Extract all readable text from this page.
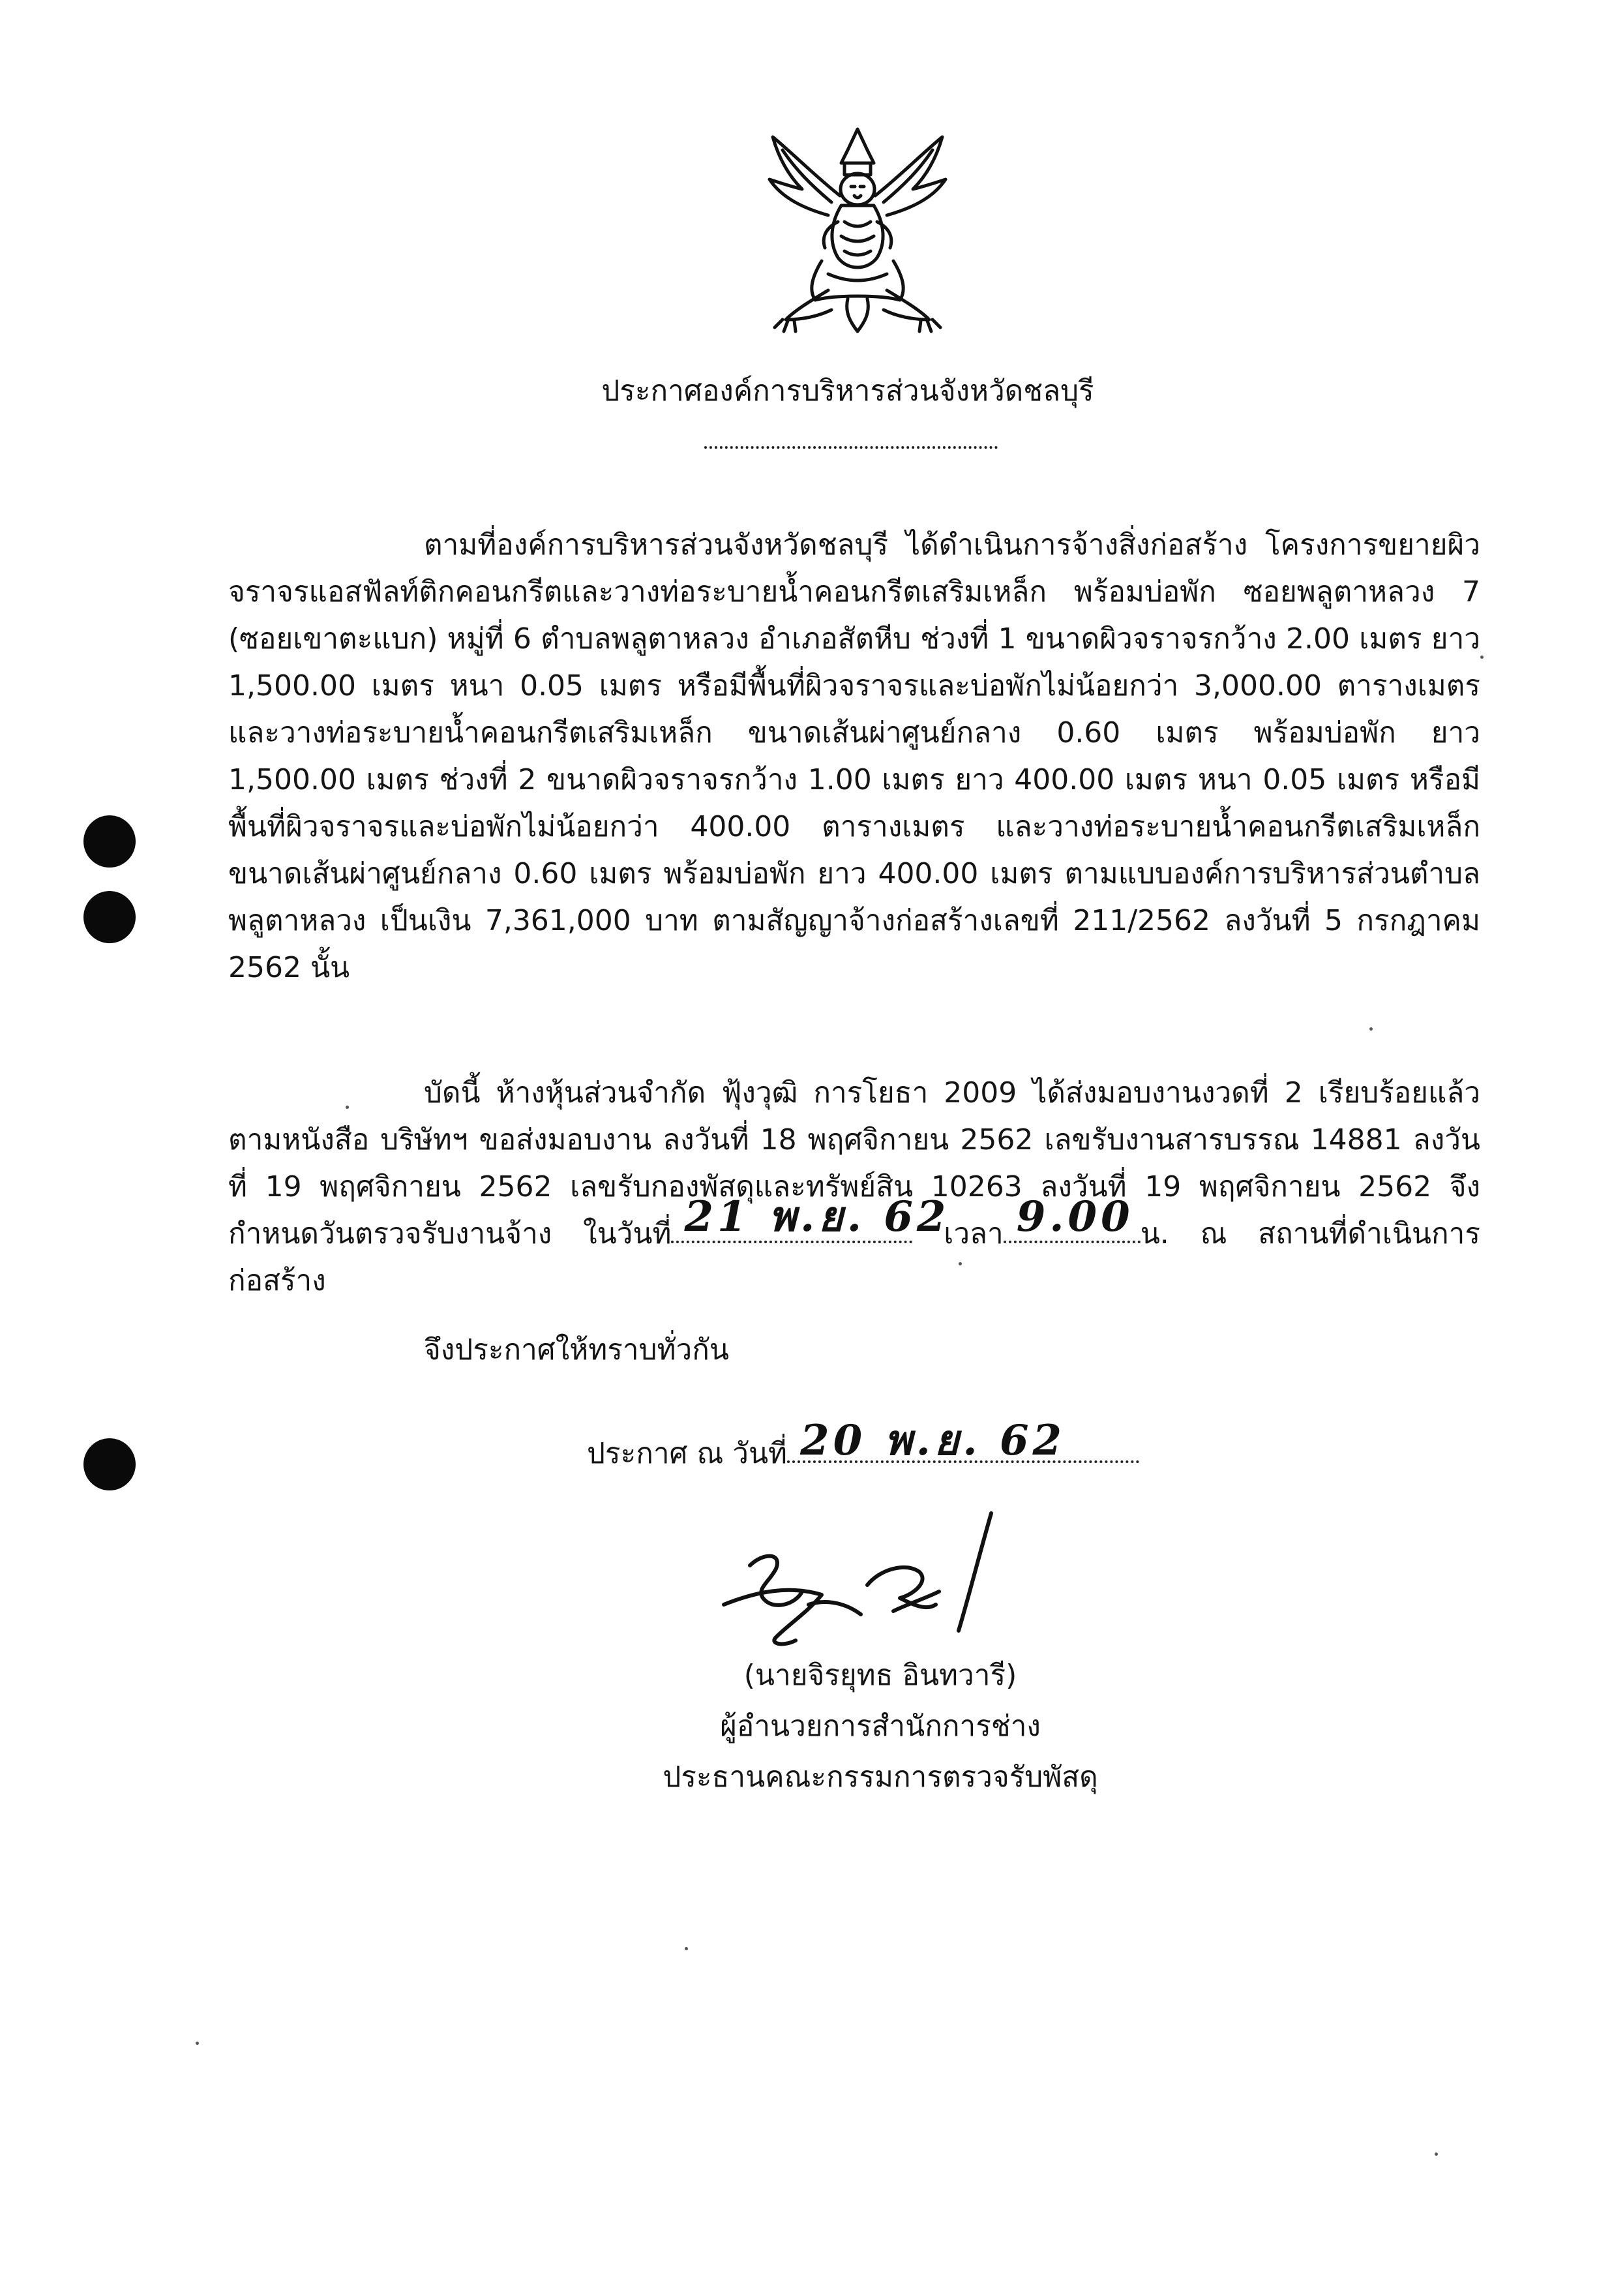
ประกาศองค์การบริหารส่วนจังหวัดชลบุรี

ตามที่องค์การบริหารส่วนจังหวัดชลบุรี ได้ดำเนินการจ้างสิ่งก่อสร้าง โครงการขยายผิวจราจรแอสฟัลท์ติกคอนกรีตและวางท่อระบายน้ำคอนกรีตเสริมเหล็ก พร้อมบ่อพัก ซอยพลูตาหลวง 7 (ซอยเขาตะแบก) หมู่ที่ 6 ตำบลพลูตาหลวง อำเภอสัตหีบ ช่วงที่ 1 ขนาดผิวจราจรกว้าง 2.00 เมตร ยาว 1,500.00 เมตร หนา 0.05 เมตร หรือมีพื้นที่ผิวจราจรและบ่อพักไม่น้อยกว่า 3,000.00 ตารางเมตร และวางท่อระบายน้ำคอนกรีตเสริมเหล็ก ขนาดเส้นผ่าศูนย์กลาง 0.60 เมตร พร้อมบ่อพัก ยาว 1,500.00 เมตร ช่วงที่ 2 ขนาดผิวจราจรกว้าง 1.00 เมตร ยาว 400.00 เมตร หนา 0.05 เมตร หรือมีพื้นที่ผิวจราจรและบ่อพักไม่น้อยกว่า 400.00 ตารางเมตร และวางท่อระบายน้ำคอนกรีตเสริมเหล็กขนาดเส้นผ่าศูนย์กลาง 0.60 เมตร พร้อมบ่อพัก ยาว 400.00 เมตร ตามแบบองค์การบริหารส่วนตำบลพลูตาหลวง เป็นเงิน 7,361,000 บาท ตามสัญญาจ้างก่อสร้างเลขที่ 211/2562 ลงวันที่ 5 กรกฎาคม 2562 นั้น

บัดนี้ ห้างหุ้นส่วนจำกัด ฟุ้งวุฒิ การโยธา 2009 ได้ส่งมอบงานงวดที่ 2 เรียบร้อยแล้วตามหนังสือ บริษัทฯ ขอส่งมอบงาน ลงวันที่ 18 พฤศจิกายน 2562 เลขรับงานสารบรรณ 14881 ลงวันที่ 19 พฤศจิกายน 2562 เลขรับกองพัสดุและทรัพย์สิน 10263 ลงวันที่ 19 พฤศจิกายน 2562 จึงกำหนดวันตรวจรับงานจ้าง ในวันที่ 21 พ.ย. 62
เวลา 9.00 น. ณ สถานที่ดำเนินการก่อสร้าง

จึงประกาศให้ทราบทั่วกัน
ประกาศ ณ วันที่ 20 พ.ย. 62
(นายจิรยุทธ อินทวารี)
ผู้อำนวยการสำนักการช่าง
ประธานคณะกรรมการตรวจรับพัสดุ
